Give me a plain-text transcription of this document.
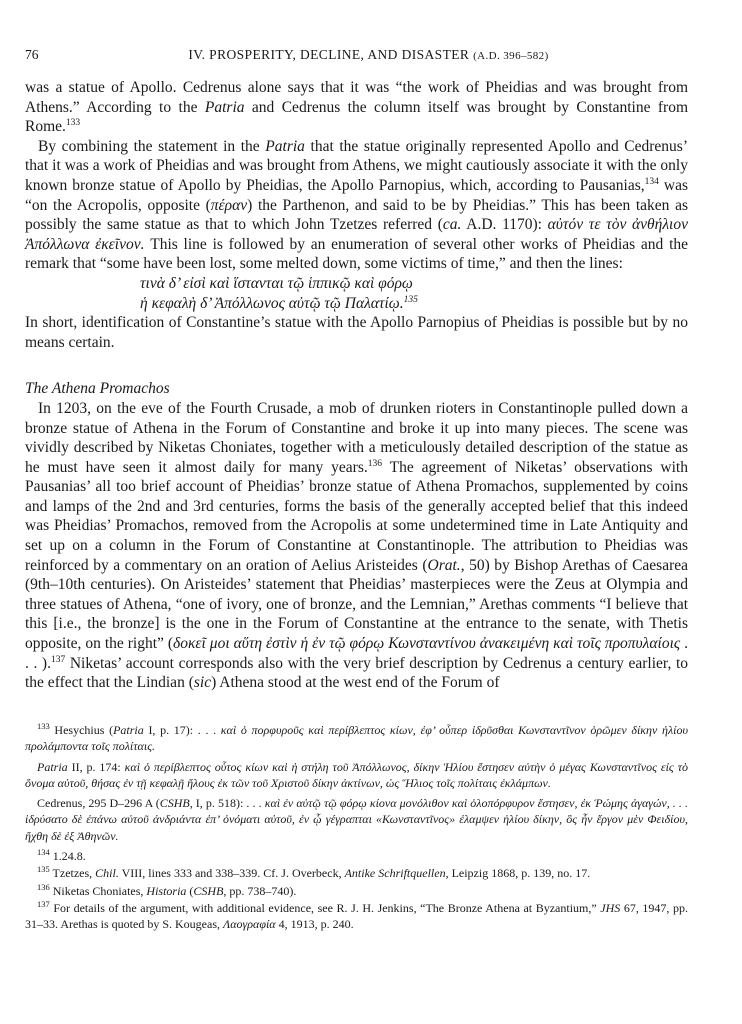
76	IV. PROSPERITY, DECLINE, AND DISASTER (A.D. 396–582)

was a statue of Apollo. Cedrenus alone says that it was “the work of Pheidias and was brought from Athens.” According to the Patria and Cedrenus the column itself was brought by Constantine from Rome.$^{133}$

By combining the statement in the Patria that the statue originally represented Apollo and Cedrenus’ that it was a work of Pheidias and was brought from Athens, we might cautiously associate it with the only known bronze statue of Apollo by Pheidias, the Apollo Parnopius, which, according to Pausanias,$^{134}$ was “on the Acropolis, opposite (πέραν) the Parthenon, and said to be by Pheidias.” This has been taken as possibly the same statue as that to which John Tzetzes referred (ca. A.D. 1170): αὐτόν τε τὸν ἀνθήλιον Ἀπόλλωνα ἐκεῖνον. This line is followed by an enumeration of several other works of Pheidias and the remark that “some have been lost, some melted down, some victims of time,” and then the lines:

τινὰ δ’ εἰσὶ καὶ ἵστανται τῷ ἱππικῷ καὶ φόρῳ

ἡ κεφαλὴ δ’ Ἀπόλλωνος αὐτῷ τῷ Παλατίῳ.$^{135}$

In short, identification of Constantine’s statue with the Apollo Parnopius of Pheidias is possible but by no means certain.

The Athena Promachos

In 1203, on the eve of the Fourth Crusade, a mob of drunken rioters in Constantinople pulled down a bronze statue of Athena in the Forum of Constantine and broke it up into many pieces. The scene was vividly described by Niketas Choniates, together with a meticulously detailed description of the statue as he must have seen it almost daily for many years.$^{136}$ The agreement of Niketas’ observations with Pausanias’ all too brief account of Pheidias’ bronze statue of Athena Promachos, supplemented by coins and lamps of the 2nd and 3rd centuries, forms the basis of the generally accepted belief that this indeed was Pheidias’ Promachos, removed from the Acropolis at some undetermined time in Late Antiquity and set up on a column in the Forum of Constantine at Constantinople. The attribution to Pheidias was reinforced by a commentary on an oration of Aelius Aristeides (Orat., 50) by Bishop Arethas of Caesarea (9th–10th centuries). On Aristeides’ statement that Pheidias’ masterpieces were the Zeus at Olympia and three statues of Athena, “one of ivory, one of bronze, and the Lemnian,” Arethas comments “I believe that this [i.e., the bronze] is the one in the Forum of Constantine at the entrance to the senate, with Thetis opposite, on the right” (δοκεῖ μοι αὕτη ἐστὶν ἡ ἐν τῷ φόρῳ Κωνσταντίνου ἀνακειμένη καὶ τοῖς προπυλαίοις . . . ).$^{137}$ Niketas’ account corresponds also with the very brief description by Cedrenus a century earlier, to the effect that the Lindian (sic) Athena stood at the west end of the Forum of

$^{133}$ Hesychius (Patria I, p. 17): . . . καὶ ὁ πορφυροῦς καὶ περίβλεπτος κίων, ἐφ’ οὗπερ ἱδρῦσθαι Κωνσταντῖνον ὁρῶμεν δίκην ἡλίου προλάμποντα τοῖς πολίταις.

Patria II, p. 174: καὶ ὁ περίβλεπτος οὗτος κίων καὶ ἡ στήλη τοῦ Ἀπόλλωνος, δίκην Ἡλίου ἔστησεν αὐτὴν ὁ μέγας Κωνσταντῖνος εἰς τὸ ὄνομα αὐτοῦ, θήσας ἐν τῇ κεφαλῇ ἥλους ἐκ τῶν τοῦ Χριστοῦ δίκην ἀκτίνων, ὡς Ἥλιος τοῖς πολίταις ἐκλάμπων.

Cedrenus, 295 D–296 A (CSHB, I, p. 518): . . . καὶ ἐν αὐτῷ τῷ φόρῳ κίονα μονόλιθον καὶ ὁλοπόρφυρον ἔστησεν, ἐκ Ῥώμης ἀγαγών, . . . ἱδρύσατο δὲ ἐπάνω αὐτοῦ ἀνδριάντα ἐπ’ ὀνόματι αὐτοῦ, ἐν ᾧ γέγραπται «Κωνσταντῖνος» ἐλαμψεν ἡλίου δίκην, ὃς ἦν ἔργον μὲν Φειδίου, ἤχθη δὲ ἐξ Ἀθηνῶν.

$^{134}$ 1.24.8.

$^{135}$ Tzetzes, Chil. VIII, lines 333 and 338–339. Cf. J. Overbeck, Antike Schriftquellen, Leipzig 1868, p. 139, no. 17.

$^{136}$ Niketas Choniates, Historia (CSHB, pp. 738–740).

$^{137}$ For details of the argument, with additional evidence, see R. J. H. Jenkins, “The Bronze Athena at Byzantium,” JHS 67, 1947, pp. 31–33. Arethas is quoted by S. Kougeas, Λαογραφία 4, 1913, p. 240.
